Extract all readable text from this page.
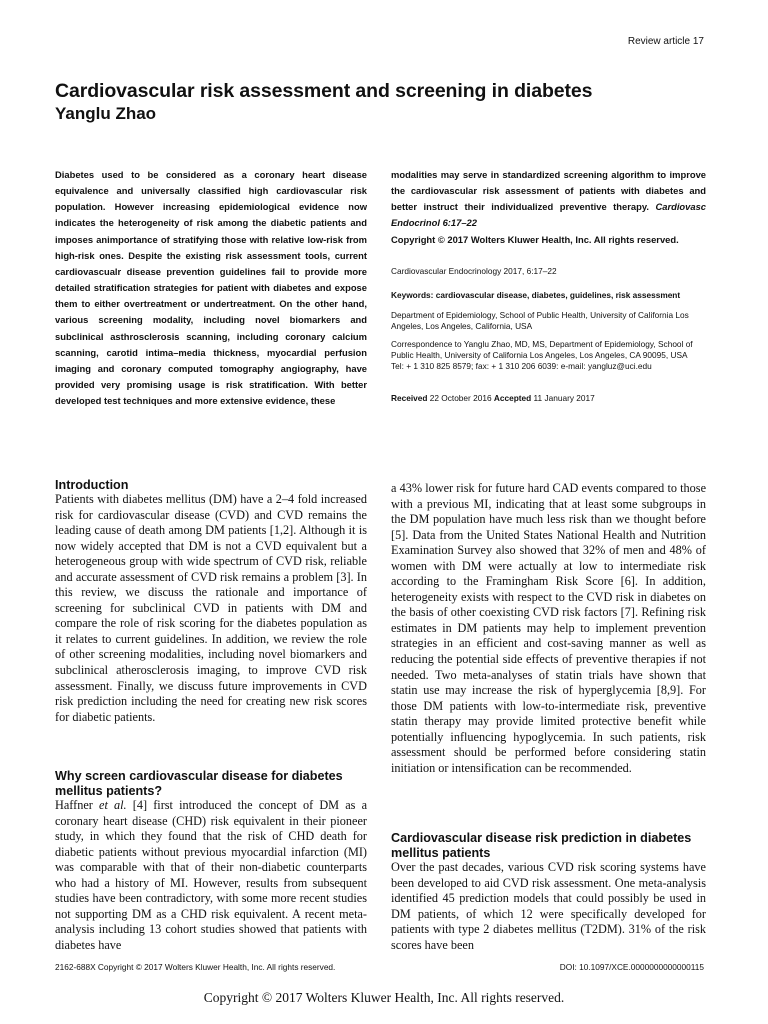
Review article 17
Cardiovascular risk assessment and screening in diabetes
Yanglu Zhao

Diabetes used to be considered as a coronary heart disease equivalence and universally classified high cardiovascular risk population. However increasing epidemiological evidence now indicates the heterogeneity of risk among the diabetic patients and imposes animportance of stratifying those with relative low-risk from high-risk ones. Despite the existing risk assessment tools, current cardiovascualr disease prevention guidelines fail to provide more detailed stratification strategies for patient with diabetes and expose them to either overtreatment or undertreatment. On the other hand, various screening modality, including novel biomarkers and subclinical asthrosclerosis scanning, including coronary calcium scanning, carotid intima–media thickness, myocardial perfusion imaging and coronary computed tomography angiography, have provided very promising usage is risk stratification. With better developed test techniques and more extensive evidence, these

modalities may serve in standardized screening algorithm to improve the cardiovascular risk assessment of patients with diabetes and better instruct their individualized preventive therapy. Cardiovasc Endocrinol 6:17–22

Copyright © 2017 Wolters Kluwer Health, Inc. All rights reserved.

Cardiovascular Endocrinology 2017, 6:17–22

Keywords: cardiovascular disease, diabetes, guidelines, risk assessment

Department of Epidemiology, School of Public Health, University of California Los Angeles, Los Angeles, California, USA

Correspondence to Yanglu Zhao, MD, MS, Department of Epidemiology, School of Public Health, University of California Los Angeles, Los Angeles, CA 90095, USA
Tel: + 1 310 825 8579; fax: + 1 310 206 6039: e-mail: yangluz@uci.edu

Received 22 October 2016 Accepted 11 January 2017

Introduction

Patients with diabetes mellitus (DM) have a 2–4 fold increased risk for cardiovascular disease (CVD) and CVD remains the leading cause of death among DM patients [1,2]. Although it is now widely accepted that DM is not a CVD equivalent but a heterogeneous group with wide spectrum of CVD risk, reliable and accurate assessment of CVD risk remains a problem [3]. In this review, we discuss the rationale and importance of screening for subclinical CVD in patients with DM and compare the role of risk scoring for the diabetes population as it relates to current guidelines. In addition, we review the role of other screening modalities, including novel biomarkers and subclinical atherosclerosis imaging, to improve CVD risk assessment. Finally, we discuss future improvements in CVD risk prediction including the need for creating new risk scores for diabetic patients.

Why screen cardiovascular disease for diabetes mellitus patients?

Haffner et al. [4] first introduced the concept of DM as a coronary heart disease (CHD) risk equivalent in their pioneer study, in which they found that the risk of CHD death for diabetic patients without previous myocardial infarction (MI) was comparable with that of their non-diabetic counterparts who had a history of MI. However, results from subsequent studies have been contradictory, with some more recent studies not supporting DM as a CHD risk equivalent. A recent meta-analysis including 13 cohort studies showed that patients with diabetes have

a 43% lower risk for future hard CAD events compared to those with a previous MI, indicating that at least some subgroups in the DM population have much less risk than we thought before [5]. Data from the United States National Health and Nutrition Examination Survey also showed that 32% of men and 48% of women with DM were actually at low to intermediate risk according to the Framingham Risk Score [6]. In addition, heterogeneity exists with respect to the CVD risk in diabetes on the basis of other coexisting CVD risk factors [7]. Refining risk estimates in DM patients may help to implement prevention strategies in an efficient and cost-saving manner as well as reducing the potential side effects of preventive therapies if not needed. Two meta-analyses of statin trials have shown that statin use may increase the risk of hyperglycemia [8,9]. For those DM patients with low-to-intermediate risk, preventive statin therapy may provide limited protective benefit while potentially influencing hypoglycemia. In such patients, risk assessment should be performed before considering statin initiation or intensification can be recommended.

Cardiovascular disease risk prediction in diabetes mellitus patients

Over the past decades, various CVD risk scoring systems have been developed to aid CVD risk assessment. One meta-analysis identified 45 prediction models that could possibly be used in DM patients, of which 12 were specifically developed for patients with type 2 diabetes mellitus (T2DM). 31% of the risk scores have been

2162-688X Copyright © 2017 Wolters Kluwer Health, Inc. All rights reserved.	DOI: 10.1097/XCE.0000000000000115
Copyright © 2017 Wolters Kluwer Health, Inc. All rights reserved.
